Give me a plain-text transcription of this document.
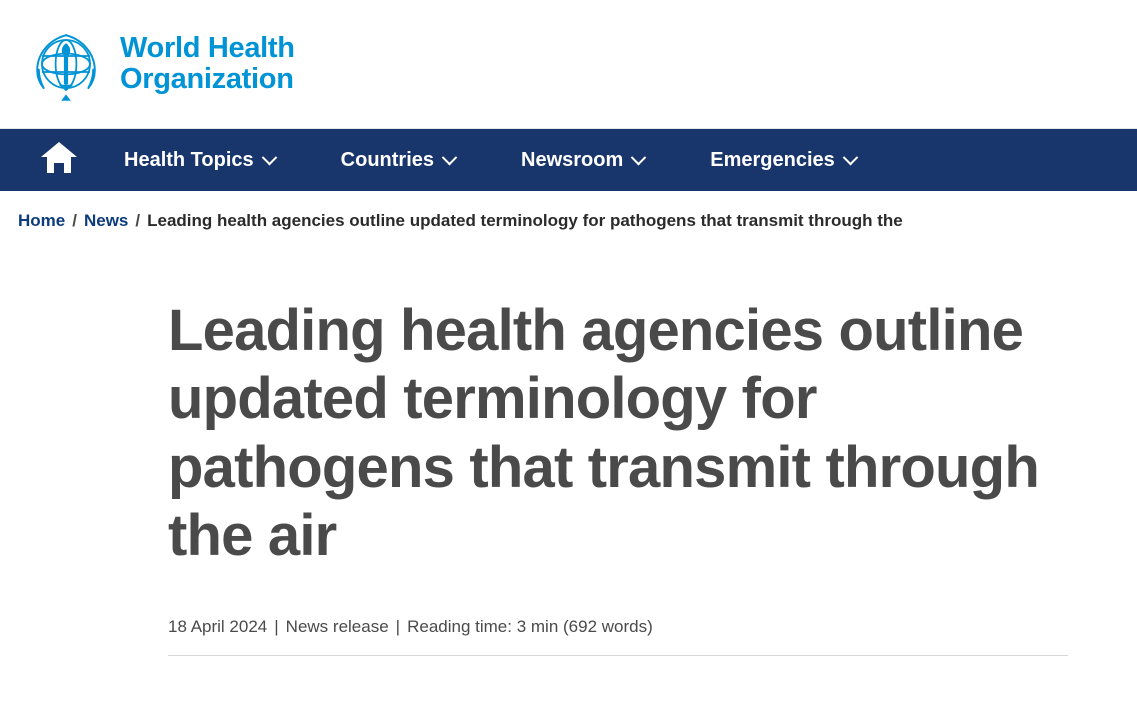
World Health
Organization
Health Topics	Countries	Newsroom	Emergencies
Home / News / Leading health agencies outline updated terminology for pathogens that transmit through the
Leading health agencies outline updated terminology for pathogens that transmit through the air
18 April 2024 | News release | Reading time: 3 min (692 words)
